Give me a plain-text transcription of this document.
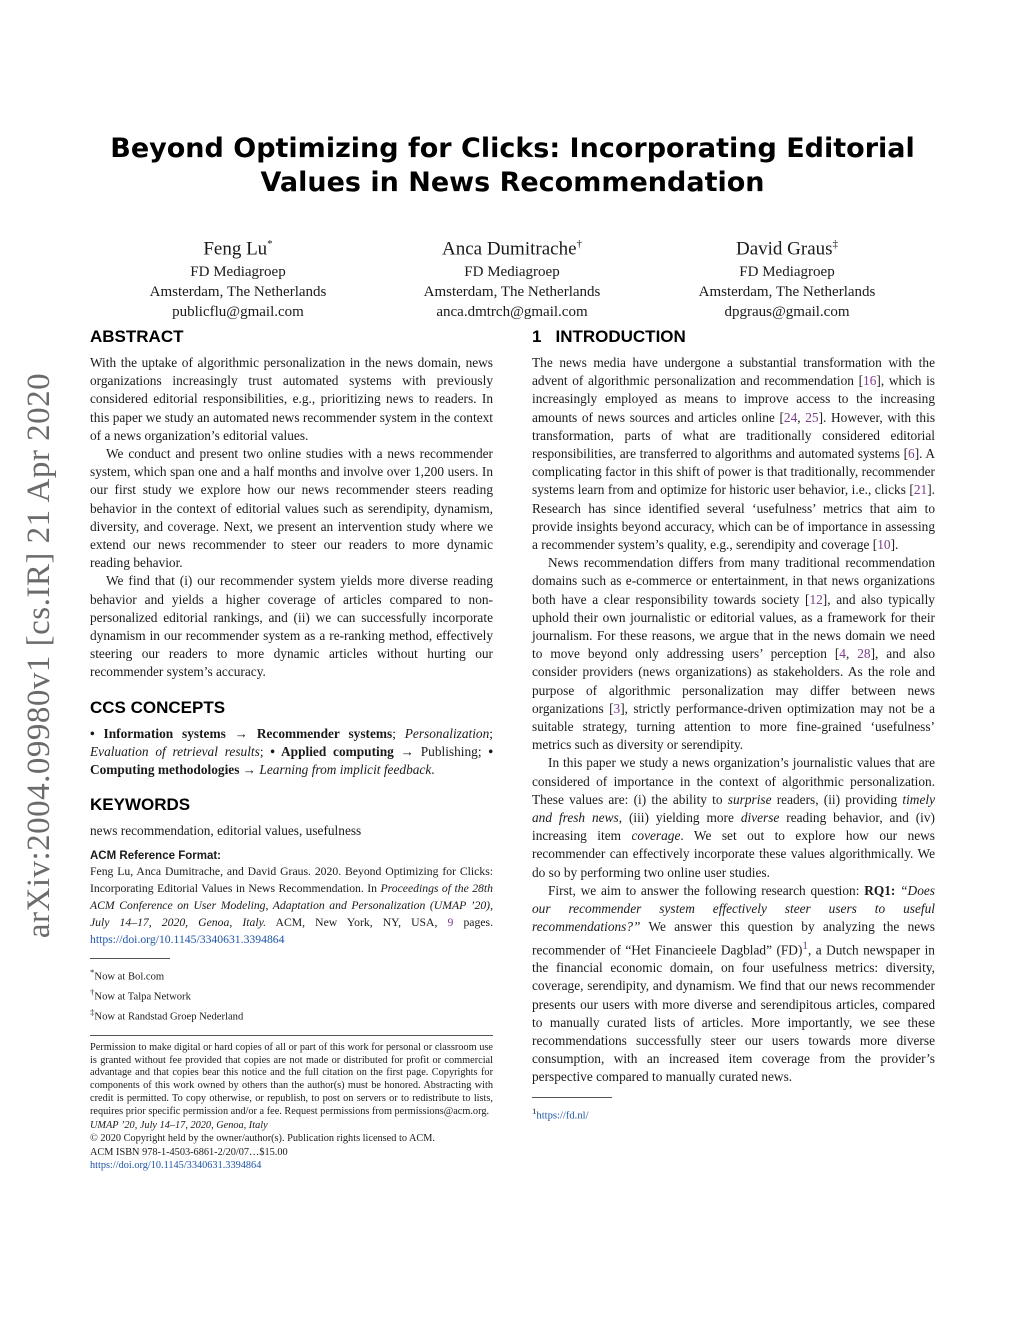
arXiv:2004.09980v1 [cs.IR] 21 Apr 2020
Beyond Optimizing for Clicks: Incorporating Editorial Values in News Recommendation
Feng Lu*
FD Mediagroep
Amsterdam, The Netherlands
publicflu@gmail.com
Anca Dumitrache†
FD Mediagroep
Amsterdam, The Netherlands
anca.dmtrch@gmail.com
David Graus‡
FD Mediagroep
Amsterdam, The Netherlands
dpgraus@gmail.com
ABSTRACT

With the uptake of algorithmic personalization in the news domain, news organizations increasingly trust automated systems with previously considered editorial responsibilities, e.g., prioritizing news to readers. In this paper we study an automated news recommender system in the context of a news organization’s editorial values.

We conduct and present two online studies with a news recommender system, which span one and a half months and involve over 1,200 users. In our first study we explore how our news recommender steers reading behavior in the context of editorial values such as serendipity, dynamism, diversity, and coverage. Next, we present an intervention study where we extend our news recommender to steer our readers to more dynamic reading behavior.

We find that (i) our recommender system yields more diverse reading behavior and yields a higher coverage of articles compared to non-personalized editorial rankings, and (ii) we can successfully incorporate dynamism in our recommender system as a re-ranking method, effectively steering our readers to more dynamic articles without hurting our recommender system’s accuracy.

CCS CONCEPTS

• Information systems → Recommender systems; Personalization; Evaluation of retrieval results; • Applied computing → Publishing; • Computing methodologies → Learning from implicit feedback.

KEYWORDS

news recommendation, editorial values, usefulness

ACM Reference Format:

Feng Lu, Anca Dumitrache, and David Graus. 2020. Beyond Optimizing for Clicks: Incorporating Editorial Values in News Recommendation. In Proceedings of the 28th ACM Conference on User Modeling, Adaptation and Personalization (UMAP ’20), July 14–17, 2020, Genoa, Italy. ACM, New York, NY, USA, 9 pages. https://doi.org/10.1145/3340631.3394864

*Now at Bol.com
†Now at Talpa Network
‡Now at Randstad Groep Nederland

Permission to make digital or hard copies of all or part of this work for personal or classroom use is granted without fee provided that copies are not made or distributed for profit or commercial advantage and that copies bear this notice and the full citation on the first page. Copyrights for components of this work owned by others than the author(s) must be honored. Abstracting with credit is permitted. To copy otherwise, or republish, to post on servers or to redistribute to lists, requires prior specific permission and/or a fee. Request permissions from permissions@acm.org.

UMAP ’20, July 14–17, 2020, Genoa, Italy
© 2020 Copyright held by the owner/author(s). Publication rights licensed to ACM.
ACM ISBN 978-1-4503-6861-2/20/07…$15.00
https://doi.org/10.1145/3340631.3394864
1 INTRODUCTION

The news media have undergone a substantial transformation with the advent of algorithmic personalization and recommendation [16], which is increasingly employed as means to improve access to the increasing amounts of news sources and articles online [24, 25]. However, with this transformation, parts of what are traditionally considered editorial responsibilities, are transferred to algorithms and automated systems [6]. A complicating factor in this shift of power is that traditionally, recommender systems learn from and optimize for historic user behavior, i.e., clicks [21]. Research has since identified several ‘usefulness’ metrics that aim to provide insights beyond accuracy, which can be of importance in assessing a recommender system’s quality, e.g., serendipity and coverage [10].

News recommendation differs from many traditional recommendation domains such as e-commerce or entertainment, in that news organizations both have a clear responsibility towards society [12], and also typically uphold their own journalistic or editorial values, as a framework for their journalism. For these reasons, we argue that in the news domain we need to move beyond only addressing users’ perception [4, 28], and also consider providers (news organizations) as stakeholders. As the role and purpose of algorithmic personalization may differ between news organizations [3], strictly performance-driven optimization may not be a suitable strategy, turning attention to more fine-grained ‘usefulness’ metrics such as diversity or serendipity.

In this paper we study a news organization’s journalistic values that are considered of importance in the context of algorithmic personalization. These values are: (i) the ability to surprise readers, (ii) providing timely and fresh news, (iii) yielding more diverse reading behavior, and (iv) increasing item coverage. We set out to explore how our news recommender can effectively incorporate these values algorithmically. We do so by performing two online user studies.

First, we aim to answer the following research question: RQ1: “Does our recommender system effectively steer users to useful recommendations?” We answer this question by analyzing the news recommender of “Het Financieele Dagblad” (FD)$^1$, a Dutch newspaper in the financial economic domain, on four usefulness metrics: diversity, coverage, serendipity, and dynamism. We find that our news recommender presents our users with more diverse and serendipitous articles, compared to manually curated lists of articles. More importantly, we see these recommendations successfully steer our users towards more diverse consumption, with an increased item coverage from the provider’s perspective compared to manually curated news.

$^1$https://fd.nl/
